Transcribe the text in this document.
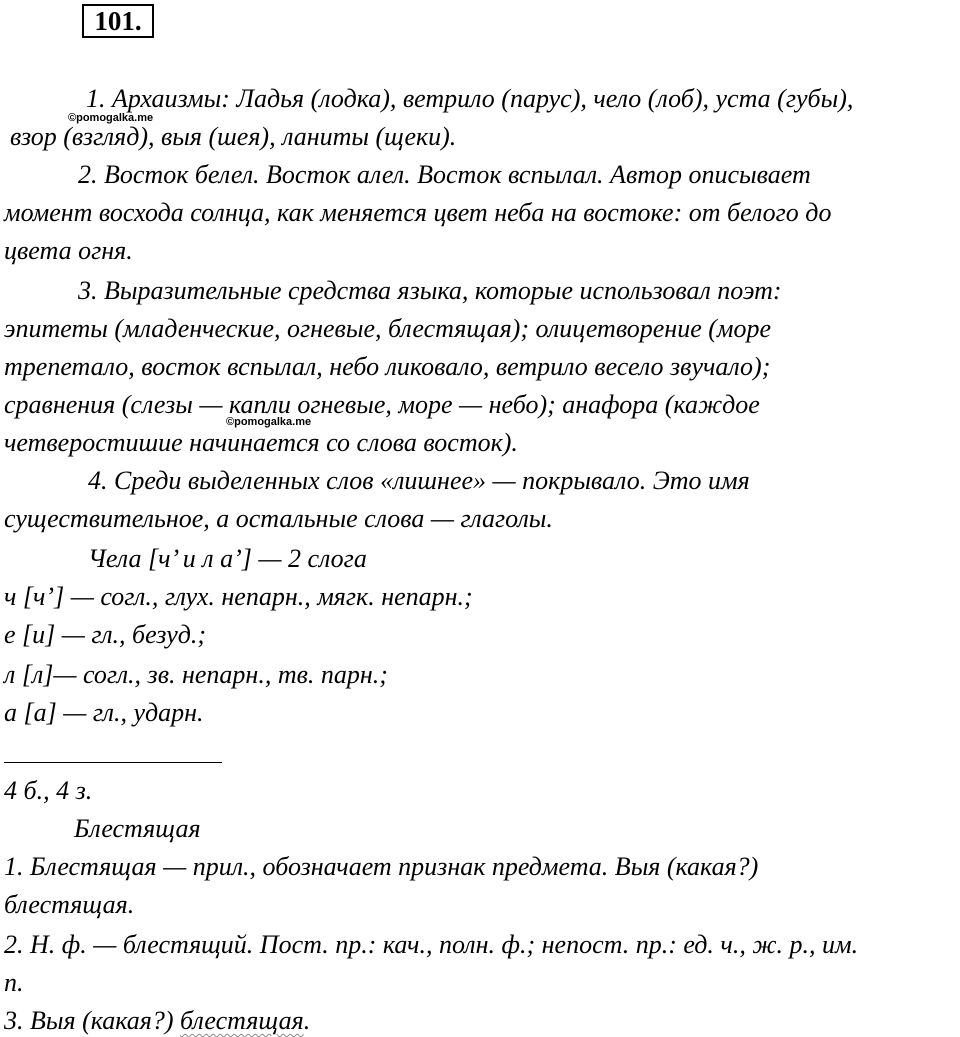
101.
1. Архаизмы: Ладья (лодка), ветрило (парус), чело (лоб), уста (губы),
©pomogalka.me
взор (взгляд), выя (шея), ланиты (щеки).
2. Восток белел. Восток алел. Восток вспылал. Автор описывает
момент восхода солнца, как меняется цвет неба на востоке: от белого до
цвета огня.
3. Выразительные средства языка, которые использовал поэт:
эпитеты (младенческие, огневые, блестящая); олицетворение (море
трепетало, восток вспылал, небо ликовало, ветрило весело звучало);
сравнения (слезы — капли огневые, море — небо); анафора (каждое
©pomogalka.me
четверостишие начинается со слова восток).
4. Среди выделенных слов «лишнее» — покрывало. Это имя
существительное, а остальные слова — глаголы.
Чела [ч’ и л а’] — 2 слога
ч [ч’] — согл., глух. непарн., мягк. непарн.;
е [и] — гл., безуд.;
л [л]— согл., зв. непарн., тв. парн.;
а [а] — гл., ударн.
4 б., 4 з.
Блестящая
1. Блестящая — прил., обозначает признак предмета. Выя (какая?)
блестящая.
2. Н. ф. — блестящий. Пост. пр.: кач., полн. ф.; непост. пр.: ед. ч., ж. р., им.
п.
3. Выя (какая?) блестящая.
